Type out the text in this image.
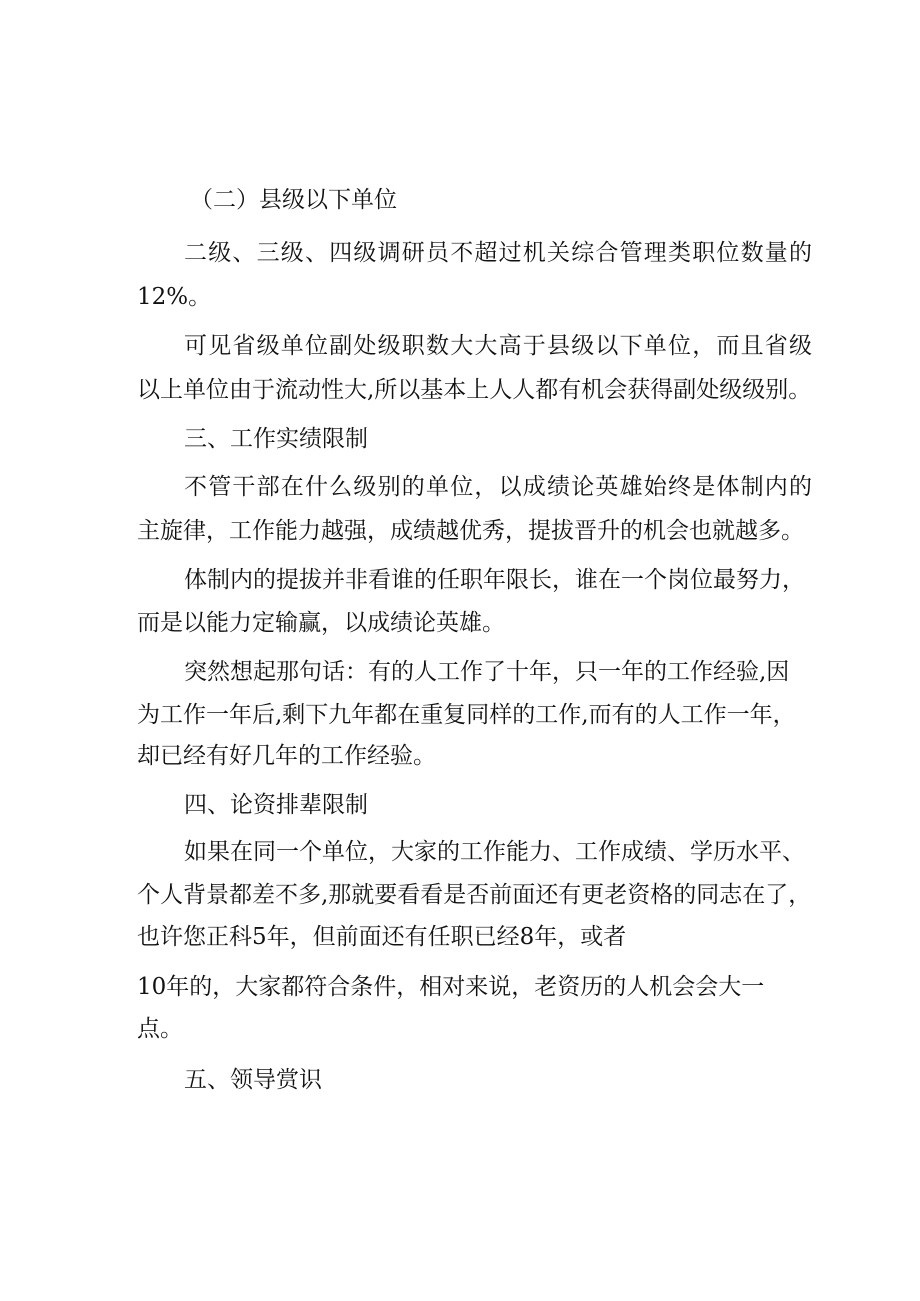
（二）县级以下单位
二级、三级、四级调研员不超过机关综合管理类职位数量的
12%。
可见省级单位副处级职数大大高于县级以下单位，而且省级
以上单位由于流动性大,所以基本上人人都有机会获得副处级级别。
三、工作实绩限制
不管干部在什么级别的单位，以成绩论英雄始终是体制内的
主旋律，工作能力越强，成绩越优秀，提拔晋升的机会也就越多。
体制内的提拔并非看谁的任职年限长，谁在一个岗位最努力，
而是以能力定输赢，以成绩论英雄。
突然想起那句话：有的人工作了十年，只一年的工作经验,因
为工作一年后,剩下九年都在重复同样的工作,而有的人工作一年，
却已经有好几年的工作经验。
四、论资排辈限制
如果在同一个单位，大家的工作能力、工作成绩、学历水平、
个人背景都差不多,那就要看看是否前面还有更老资格的同志在了，
也许您正科5年，但前面还有任职已经8年，或者
10年的，大家都符合条件，相对来说，老资历的人机会会大一
点。
五、领导赏识
